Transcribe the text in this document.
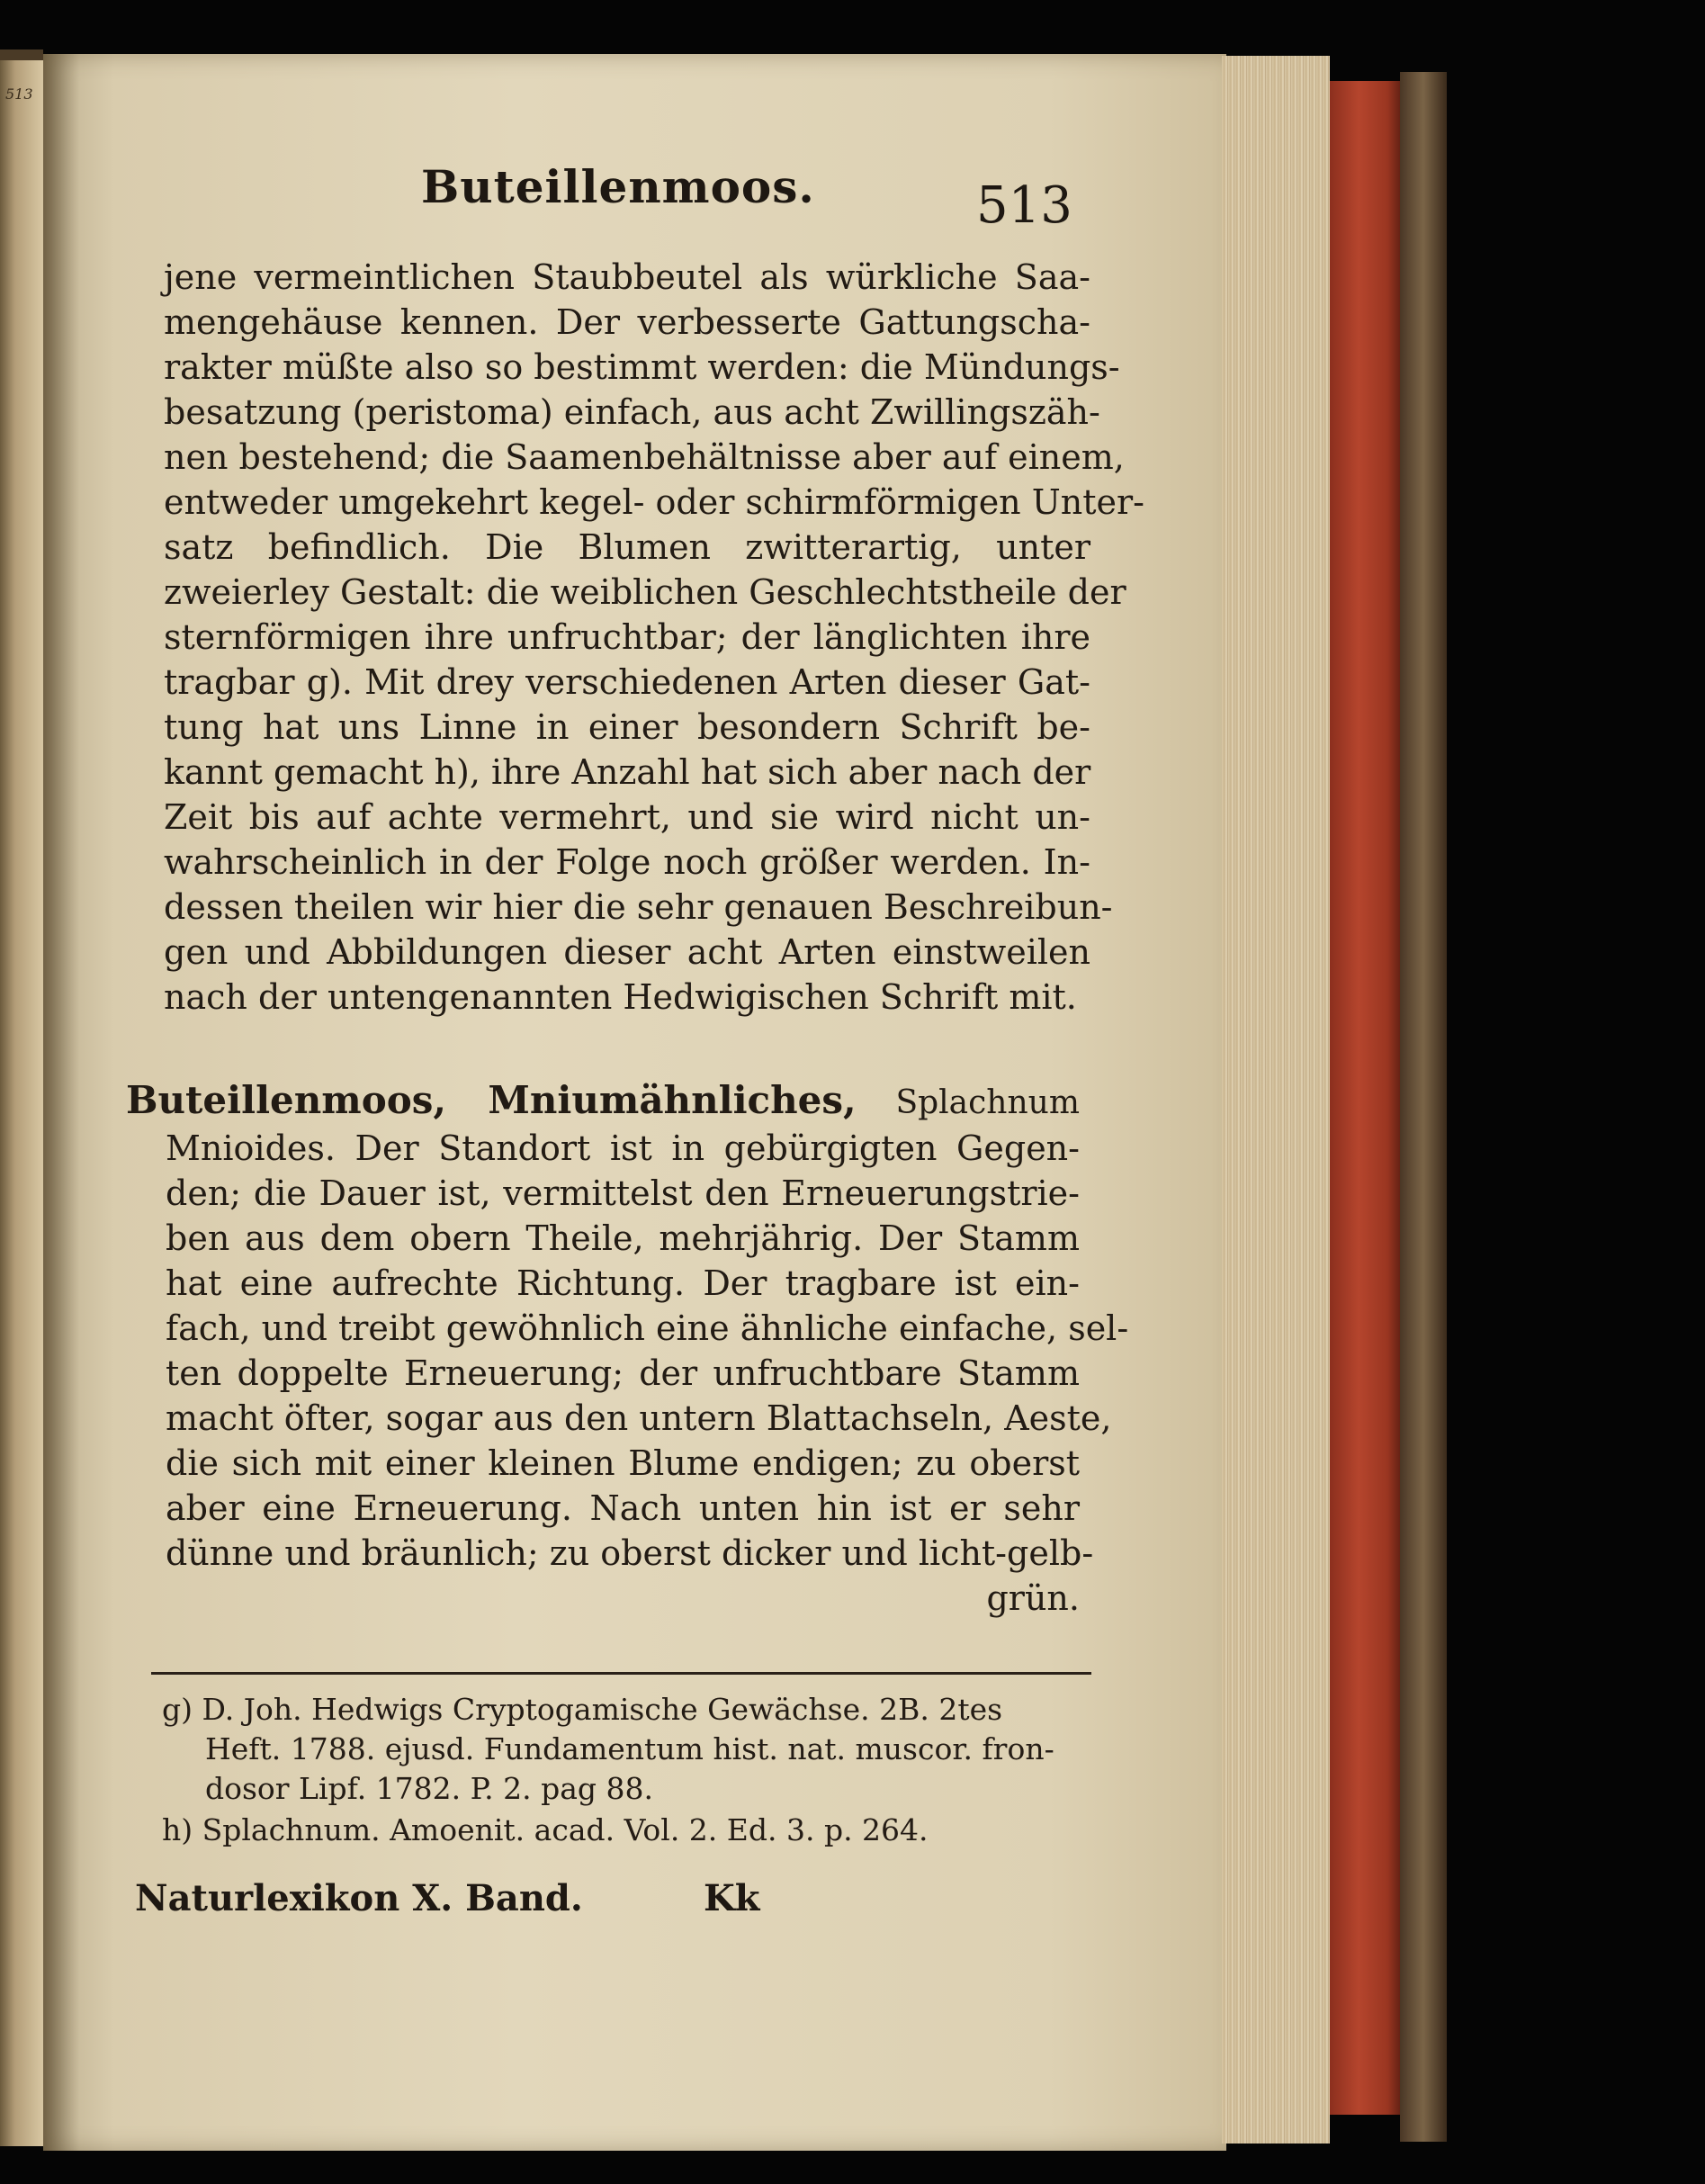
513
Buteillenmoos.	513
jene vermeintlichen Staubbeutel als würkliche Saa-
mengehäuse kennen. Der verbesserte Gattungscha-
rakter müßte also so bestimmt werden: die Mündungs-
besatzung (peristoma) einfach, aus acht Zwillingszäh-
nen bestehend; die Saamenbehältnisse aber auf einem,
entweder umgekehrt kegel- oder schirmförmigen Unter-
satz befindlich. Die Blumen zwitterartig, unter
zweierley Gestalt: die weiblichen Geschlechtstheile der
sternförmigen ihre unfruchtbar; der länglichten ihre
tragbar g). Mit drey verschiedenen Arten dieser Gat-
tung hat uns Linne in einer besondern Schrift be-
kannt gemacht h), ihre Anzahl hat sich aber nach der
Zeit bis auf achte vermehrt, und sie wird nicht un-
wahrscheinlich in der Folge noch größer werden. In-
dessen theilen wir hier die sehr genauen Beschreibun-
gen und Abbildungen dieser acht Arten einstweilen
nach der untengenannten Hedwigischen Schrift mit.
Buteillenmoos, Mniumähnliches, Splachnum
Mnioides. Der Standort ist in gebürgigten Gegen-
den; die Dauer ist, vermittelst den Erneuerungstrie-
ben aus dem obern Theile, mehrjährig. Der Stamm
hat eine aufrechte Richtung. Der tragbare ist ein-
fach, und treibt gewöhnlich eine ähnliche einfache, sel-
ten doppelte Erneuerung; der unfruchtbare Stamm
macht öfter, sogar aus den untern Blattachseln, Aeste,
die sich mit einer kleinen Blume endigen; zu oberst
aber eine Erneuerung. Nach unten hin ist er sehr
dünne und bräunlich; zu oberst dicker und licht-gelb-
grün.
g) D. Joh. Hedwigs Cryptogamische Gewächse. 2B. 2tes
Heft. 1788. ejusd. Fundamentum hist. nat. muscor. fron-
dosor Lipf. 1782. P. 2. pag 88.
h) Splachnum. Amoenit. acad. Vol. 2. Ed. 3. p. 264.
Naturlexikon X. Band.	Kk
